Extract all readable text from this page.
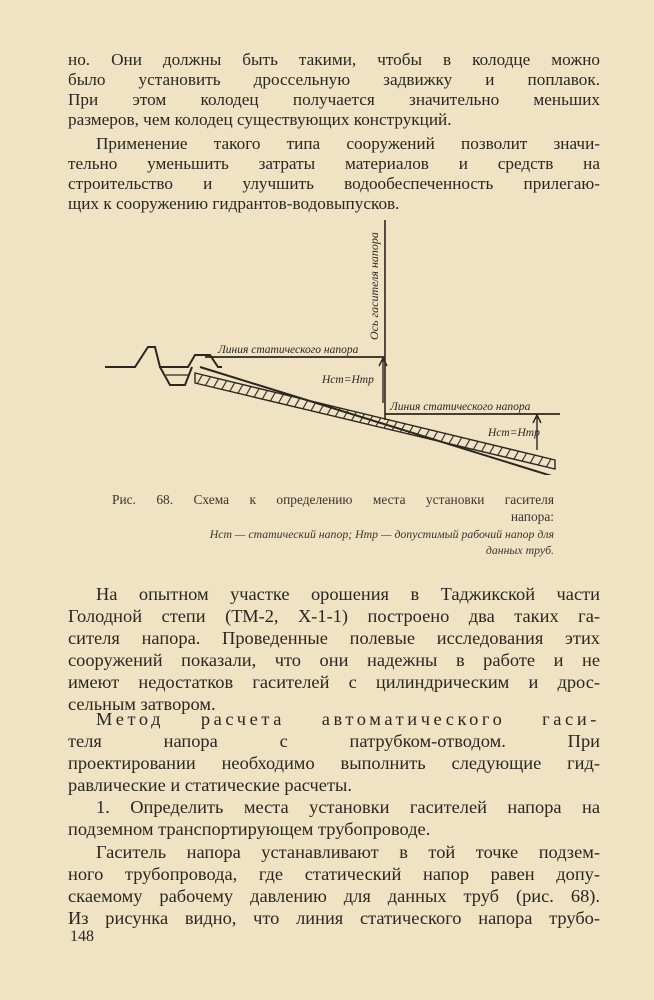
но. Они должны быть такими, чтобы в колодце можно

было установить дроссельную задвижку и поплавок.

При этом колодец получается значительно меньших

размеров, чем колодец существующих конструкций.

Применение такого типа сооружений позволит значи-

тельно уменьшить затраты материалов и средств на

строительство и улучшить водообеспеченность прилегаю-

щих к сооружению гидрантов-водовыпусков.

Ось гасителя напора
Линия статического напора
Линия статического напора
Hст=Hтр
Hст=Hтр
Рис. 68. Схема к определению места установки гасителя
напора:
Hст — статический напор; Hтр — допустимый рабочий напор для
данных труб.

На опытном участке орошения в Таджикской части

Голодной степи (ТМ-2, Х-1-1) построено два таких га-

сителя напора. Проведенные полевые исследования этих

сооружений показали, что они надежны в работе и не

имеют недостатков гасителей с цилиндрическим и дрос-

сельным затвором.

Метод расчета автоматического гаси-

теля напора с патрубком-отводом. При

проектировании необходимо выполнить следующие гид-

равлические и статические расчеты.

1. Определить места установки гасителей напора на

подземном транспортирующем трубопроводе.

Гаситель напора устанавливают в той точке подзем-

ного трубопровода, где статический напор равен допу-

скаемому рабочему давлению для данных труб (рис. 68).

Из рисунка видно, что линия статического напора трубо-

148
